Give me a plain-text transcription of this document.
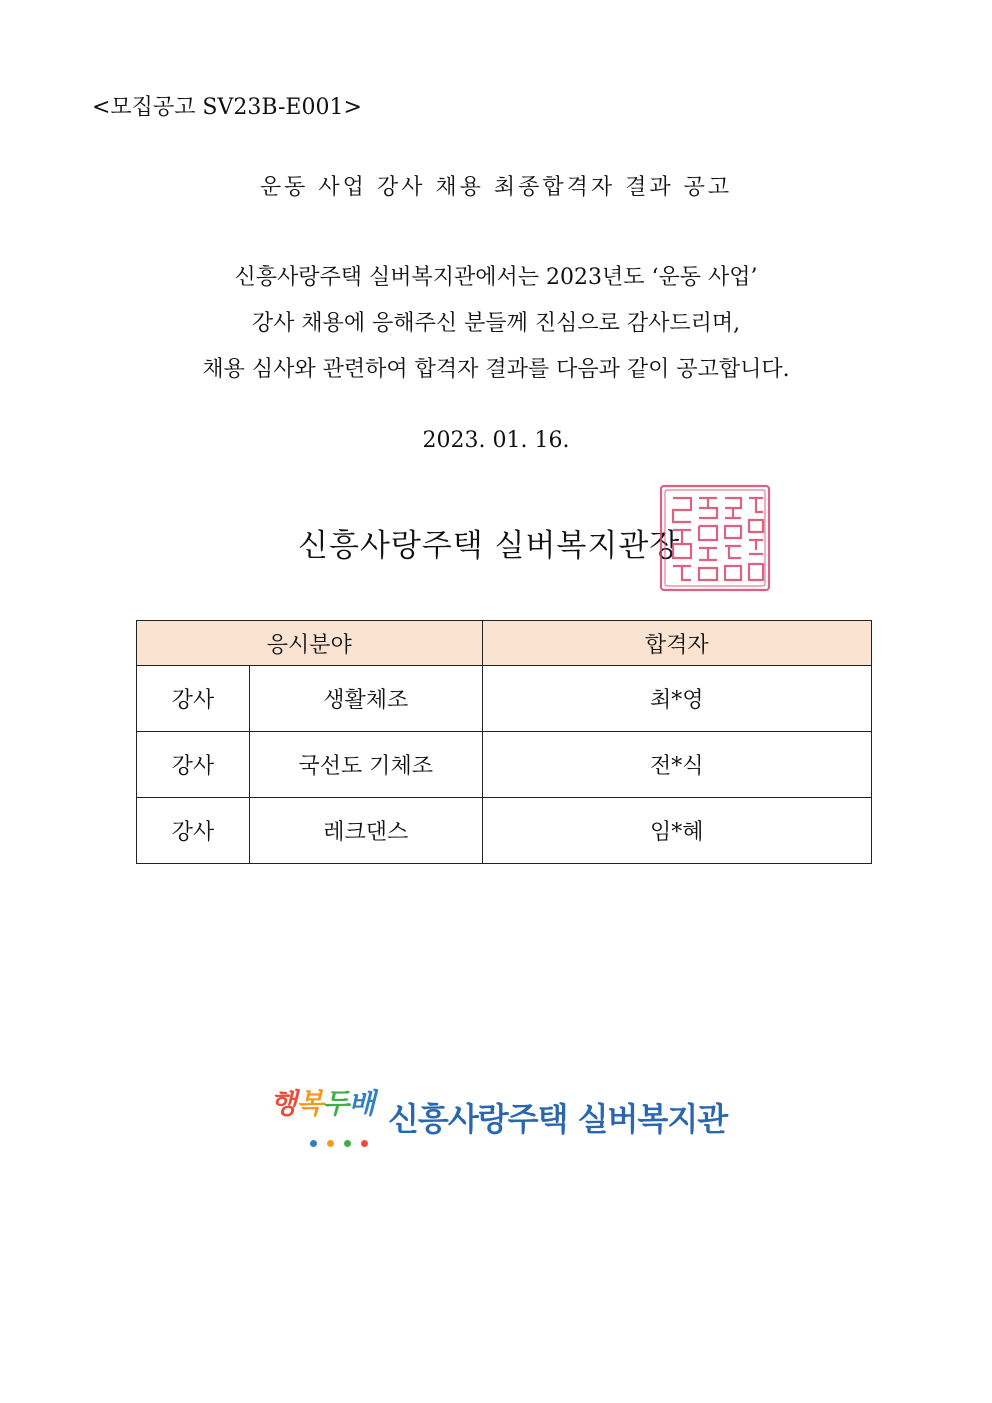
<모집공고 SV23B-E001>
운동 사업 강사 채용 최종합격자 결과 공고
신흥사랑주택 실버복지관에서는 2023년도 ‘운동 사업’
강사 채용에 응해주신 분들께 진심으로 감사드리며,
채용 심사와 관련하여 합격자 결과를 다음과 같이 공고합니다.
2023. 01. 16.
신흥사랑주택 실버복지관장
응시분야		합격자
강사	생활체조	최*영
강사	국선도 기체조	전*식
강사	레크댄스	임*혜
행복두배 신흥사랑주택 실버복지관
